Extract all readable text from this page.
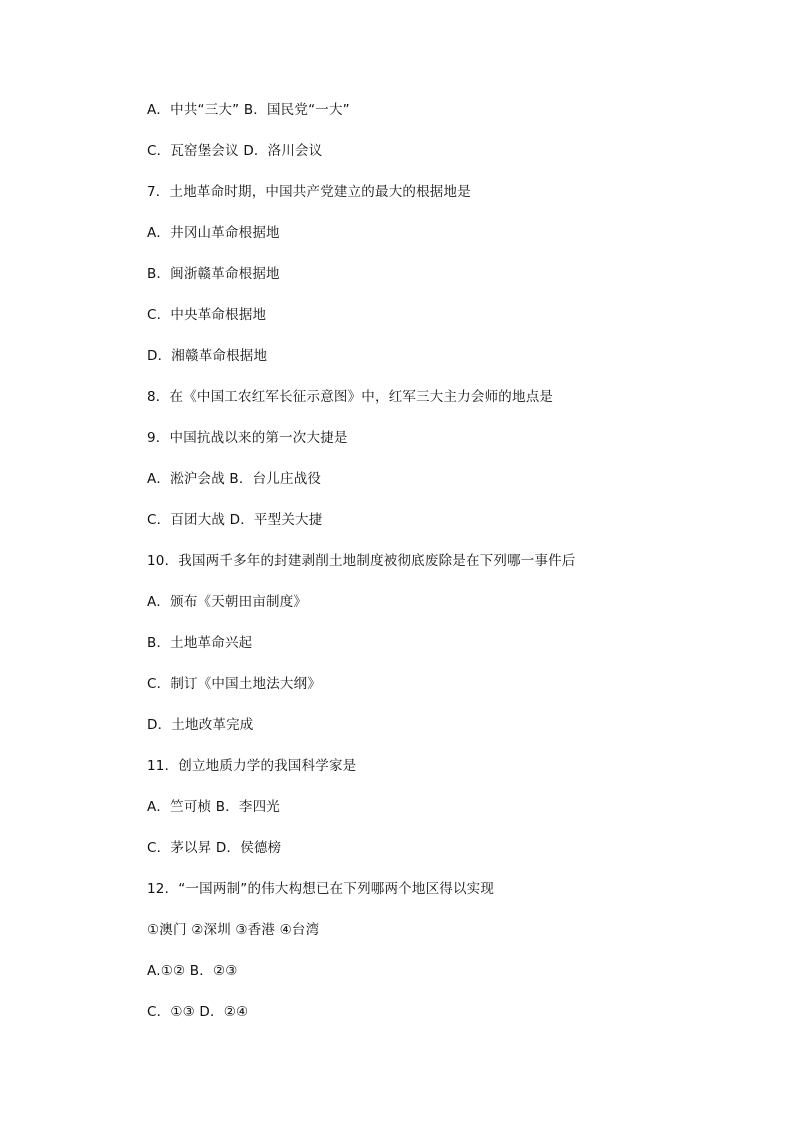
A．中共“三大” B．国民党“一大”
C．瓦窑堡会议 D．洛川会议
7．土地革命时期，中国共产党建立的最大的根据地是
A．井冈山革命根据地
B．闽浙赣革命根据地
C．中央革命根据地
D．湘赣革命根据地
8．在《中国工农红军长征示意图》中，红军三大主力会师的地点是
9．中国抗战以来的第一次大捷是
A．淞沪会战 B．台儿庄战役
C．百团大战 D．平型关大捷
10．我国两千多年的封建剥削土地制度被彻底废除是在下列哪一事件后
A．颁布《天朝田亩制度》
B．土地革命兴起
C．制订《中国土地法大纲》
D．土地改革完成
11．创立地质力学的我国科学家是
A．竺可桢 B．李四光
C．茅以昇 D．侯德榜
12．“一国两制”的伟大构想已在下列哪两个地区得以实现
①澳门 ②深圳 ③香港 ④台湾
A.①② B．②③
C．①③ D．②④
